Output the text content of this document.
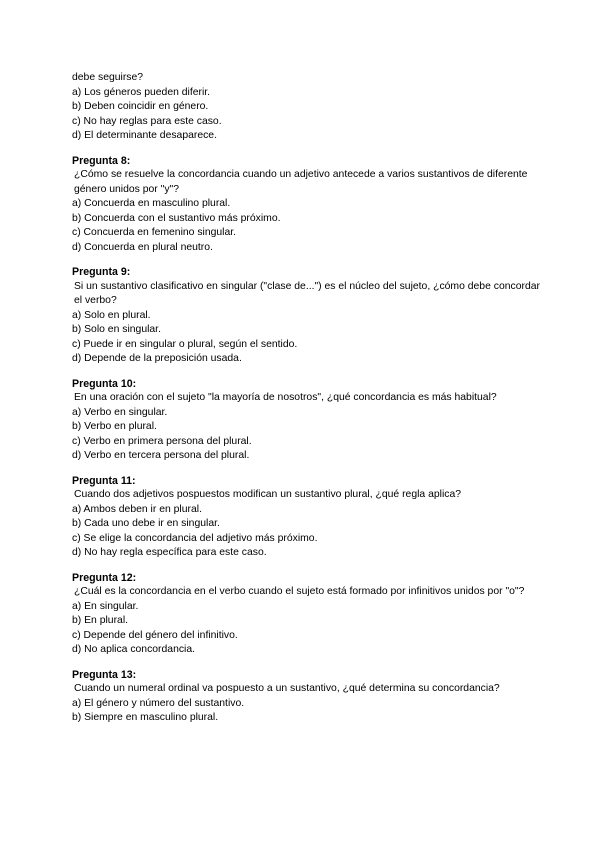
debe seguirse?
a) Los géneros pueden diferir.
b) Deben coincidir en género.
c) No hay reglas para este caso.
d) El determinante desaparece.
Pregunta 8:
¿Cómo se resuelve la concordancia cuando un adjetivo antecede a varios sustantivos de diferente género unidos por "y"?
a) Concuerda en masculino plural.
b) Concuerda con el sustantivo más próximo.
c) Concuerda en femenino singular.
d) Concuerda en plural neutro.
Pregunta 9:
Si un sustantivo clasificativo en singular ("clase de...") es el núcleo del sujeto, ¿cómo debe concordar el verbo?
a) Solo en plural.
b) Solo en singular.
c) Puede ir en singular o plural, según el sentido.
d) Depende de la preposición usada.
Pregunta 10:
En una oración con el sujeto "la mayoría de nosotros", ¿qué concordancia es más habitual?
a) Verbo en singular.
b) Verbo en plural.
c) Verbo en primera persona del plural.
d) Verbo en tercera persona del plural.
Pregunta 11:
Cuando dos adjetivos pospuestos modifican un sustantivo plural, ¿qué regla aplica?
a) Ambos deben ir en plural.
b) Cada uno debe ir en singular.
c) Se elige la concordancia del adjetivo más próximo.
d) No hay regla específica para este caso.
Pregunta 12:
¿Cuál es la concordancia en el verbo cuando el sujeto está formado por infinitivos unidos por "o"?
a) En singular.
b) En plural.
c) Depende del género del infinitivo.
d) No aplica concordancia.
Pregunta 13:
Cuando un numeral ordinal va pospuesto a un sustantivo, ¿qué determina su concordancia?
a) El género y número del sustantivo.
b) Siempre en masculino plural.
